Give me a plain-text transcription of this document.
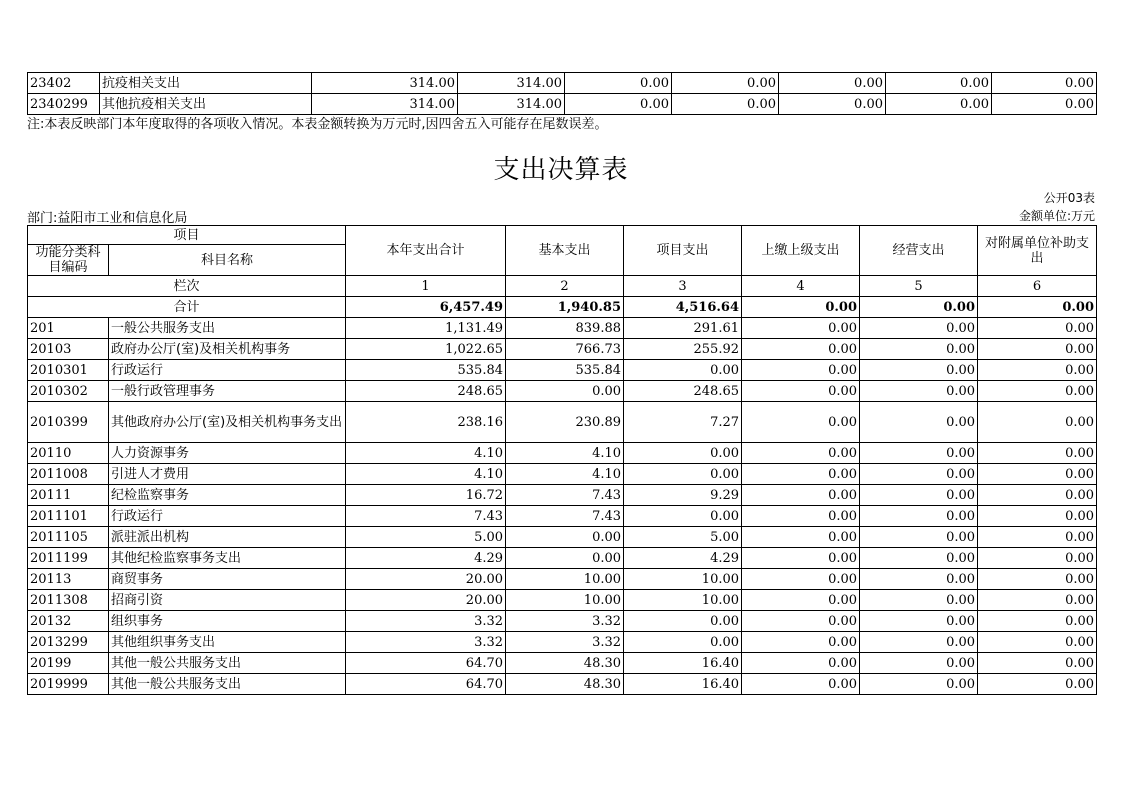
23402	抗疫相关支出	314.00	314.00	0.00	0.00	0.00	0.00	0.00
2340299	其他抗疫相关支出	314.00	314.00	0.00	0.00	0.00	0.00	0.00
注:本表反映部门本年度取得的各项收入情况。本表金额转换为万元时,因四舍五入可能存在尾数误差。
支出决算表
公开03表
部门:益阳市工业和信息化局	金额单位:万元
项目		本年支出合计	基本支出	项目支出	上缴上级支出	经营支出	对附属单位补助支出
功能分类科目编码	科目名称						
栏次		1	2	3	4	5	6
合计		6,457.49	1,940.85	4,516.64	0.00	0.00	0.00
201	一般公共服务支出	1,131.49	839.88	291.61	0.00	0.00	0.00
20103	政府办公厅(室)及相关机构事务	1,022.65	766.73	255.92	0.00	0.00	0.00
2010301	行政运行	535.84	535.84	0.00	0.00	0.00	0.00
2010302	一般行政管理事务	248.65	0.00	248.65	0.00	0.00	0.00
2010399	其他政府办公厅(室)及相关机构事务支出	238.16	230.89	7.27	0.00	0.00	0.00
20110	人力资源事务	4.10	4.10	0.00	0.00	0.00	0.00
2011008	引进人才费用	4.10	4.10	0.00	0.00	0.00	0.00
20111	纪检监察事务	16.72	7.43	9.29	0.00	0.00	0.00
2011101	行政运行	7.43	7.43	0.00	0.00	0.00	0.00
2011105	派驻派出机构	5.00	0.00	5.00	0.00	0.00	0.00
2011199	其他纪检监察事务支出	4.29	0.00	4.29	0.00	0.00	0.00
20113	商贸事务	20.00	10.00	10.00	0.00	0.00	0.00
2011308	招商引资	20.00	10.00	10.00	0.00	0.00	0.00
20132	组织事务	3.32	3.32	0.00	0.00	0.00	0.00
2013299	其他组织事务支出	3.32	3.32	0.00	0.00	0.00	0.00
20199	其他一般公共服务支出	64.70	48.30	16.40	0.00	0.00	0.00
2019999	其他一般公共服务支出	64.70	48.30	16.40	0.00	0.00	0.00
